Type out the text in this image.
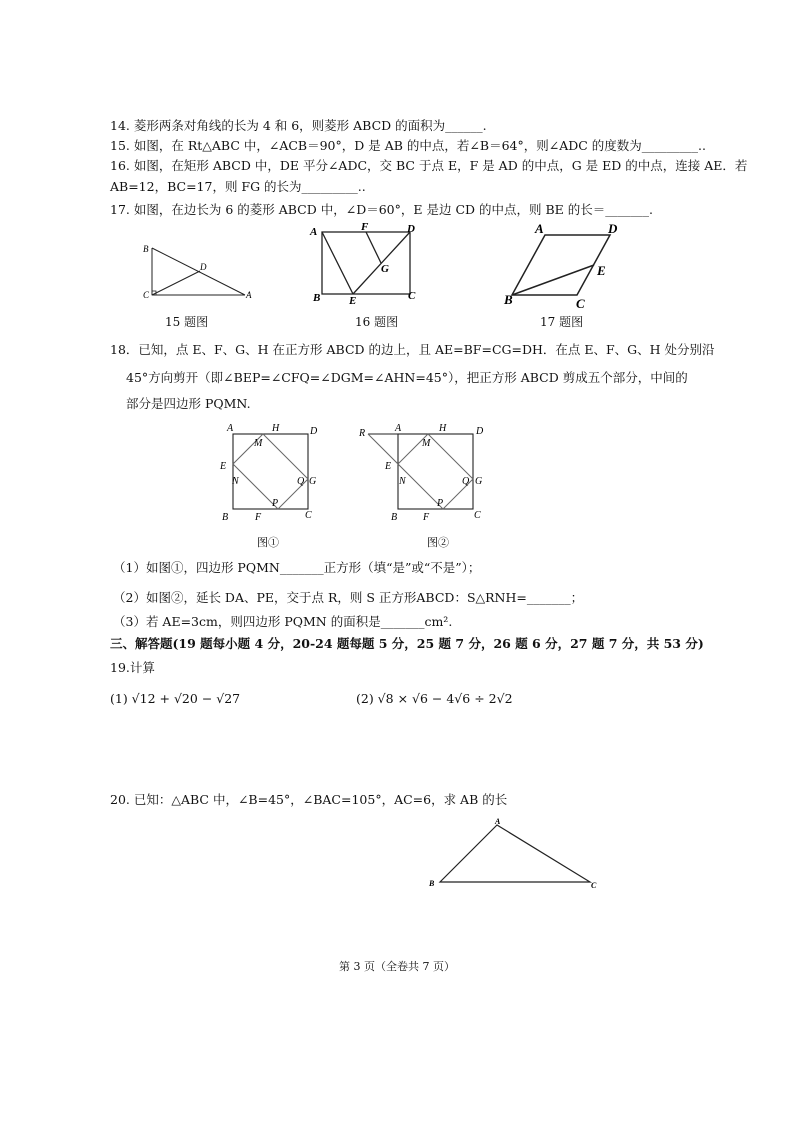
14. 菱形两条对角线的长为 4 和 6，则菱形 ABCD 的面积为______.
15. 如图，在 Rt△ABC 中，∠ACB＝90°，D 是 AB 的中点，若∠B＝64°，则∠ADC 的度数为_________..
16. 如图，在矩形 ABCD 中，DE 平分∠ADC，交 BC 于点 E，F 是 AD 的中点，G 是 ED 的中点，连接 AE．若
AB=12，BC=17，则 FG 的长为_________..
17. 如图，在边长为 6 的菱形 ABCD 中，∠D＝60°，E 是边 CD 的中点，则 BE 的长＝_______.
B
C
D
A
15 题图
A	F	D
G
B	E	C
16 题图
A	D
E
B	C
17 题图
18．已知，点 E、F、G、H 在正方形 ABCD 的边上，且 AE=BF=CG=DH．在点 E、F、G、H 处分别沿
45°方向剪开（即∠BEP=∠CFQ=∠DGM=∠AHN=45°），把正方形 ABCD 剪成五个部分，中间的
部分是四边形 PQMN.
A	H	D
M
E
N	Q G
P
B	F	C
图①
R	A	H	D
M
E
N	Q G
P
B	F	C
图②
（1）如图①，四边形 PQMN_______正方形（填“是”或“不是”）；
（2）如图②，延长 DA、PE，交于点 R，则 S 正方形ABCD：S△RNH=_______；
（3）若 AE=3cm，则四边形 PQMN 的面积是_______cm².
三、解答题(19 题每小题 4 分，20-24 题每题 5 分，25 题 7 分，26 题 6 分，27 题 7 分，共 53 分)
19.计算
(1) √12 + √20 − √27	(2) √8 × √6 − 4√6 ÷ 2√2
20. 已知：△ABC 中，∠B=45°，∠BAC=105°，AC=6，求 AB 的长
A
B	C
第 3 页（全卷共 7 页）
